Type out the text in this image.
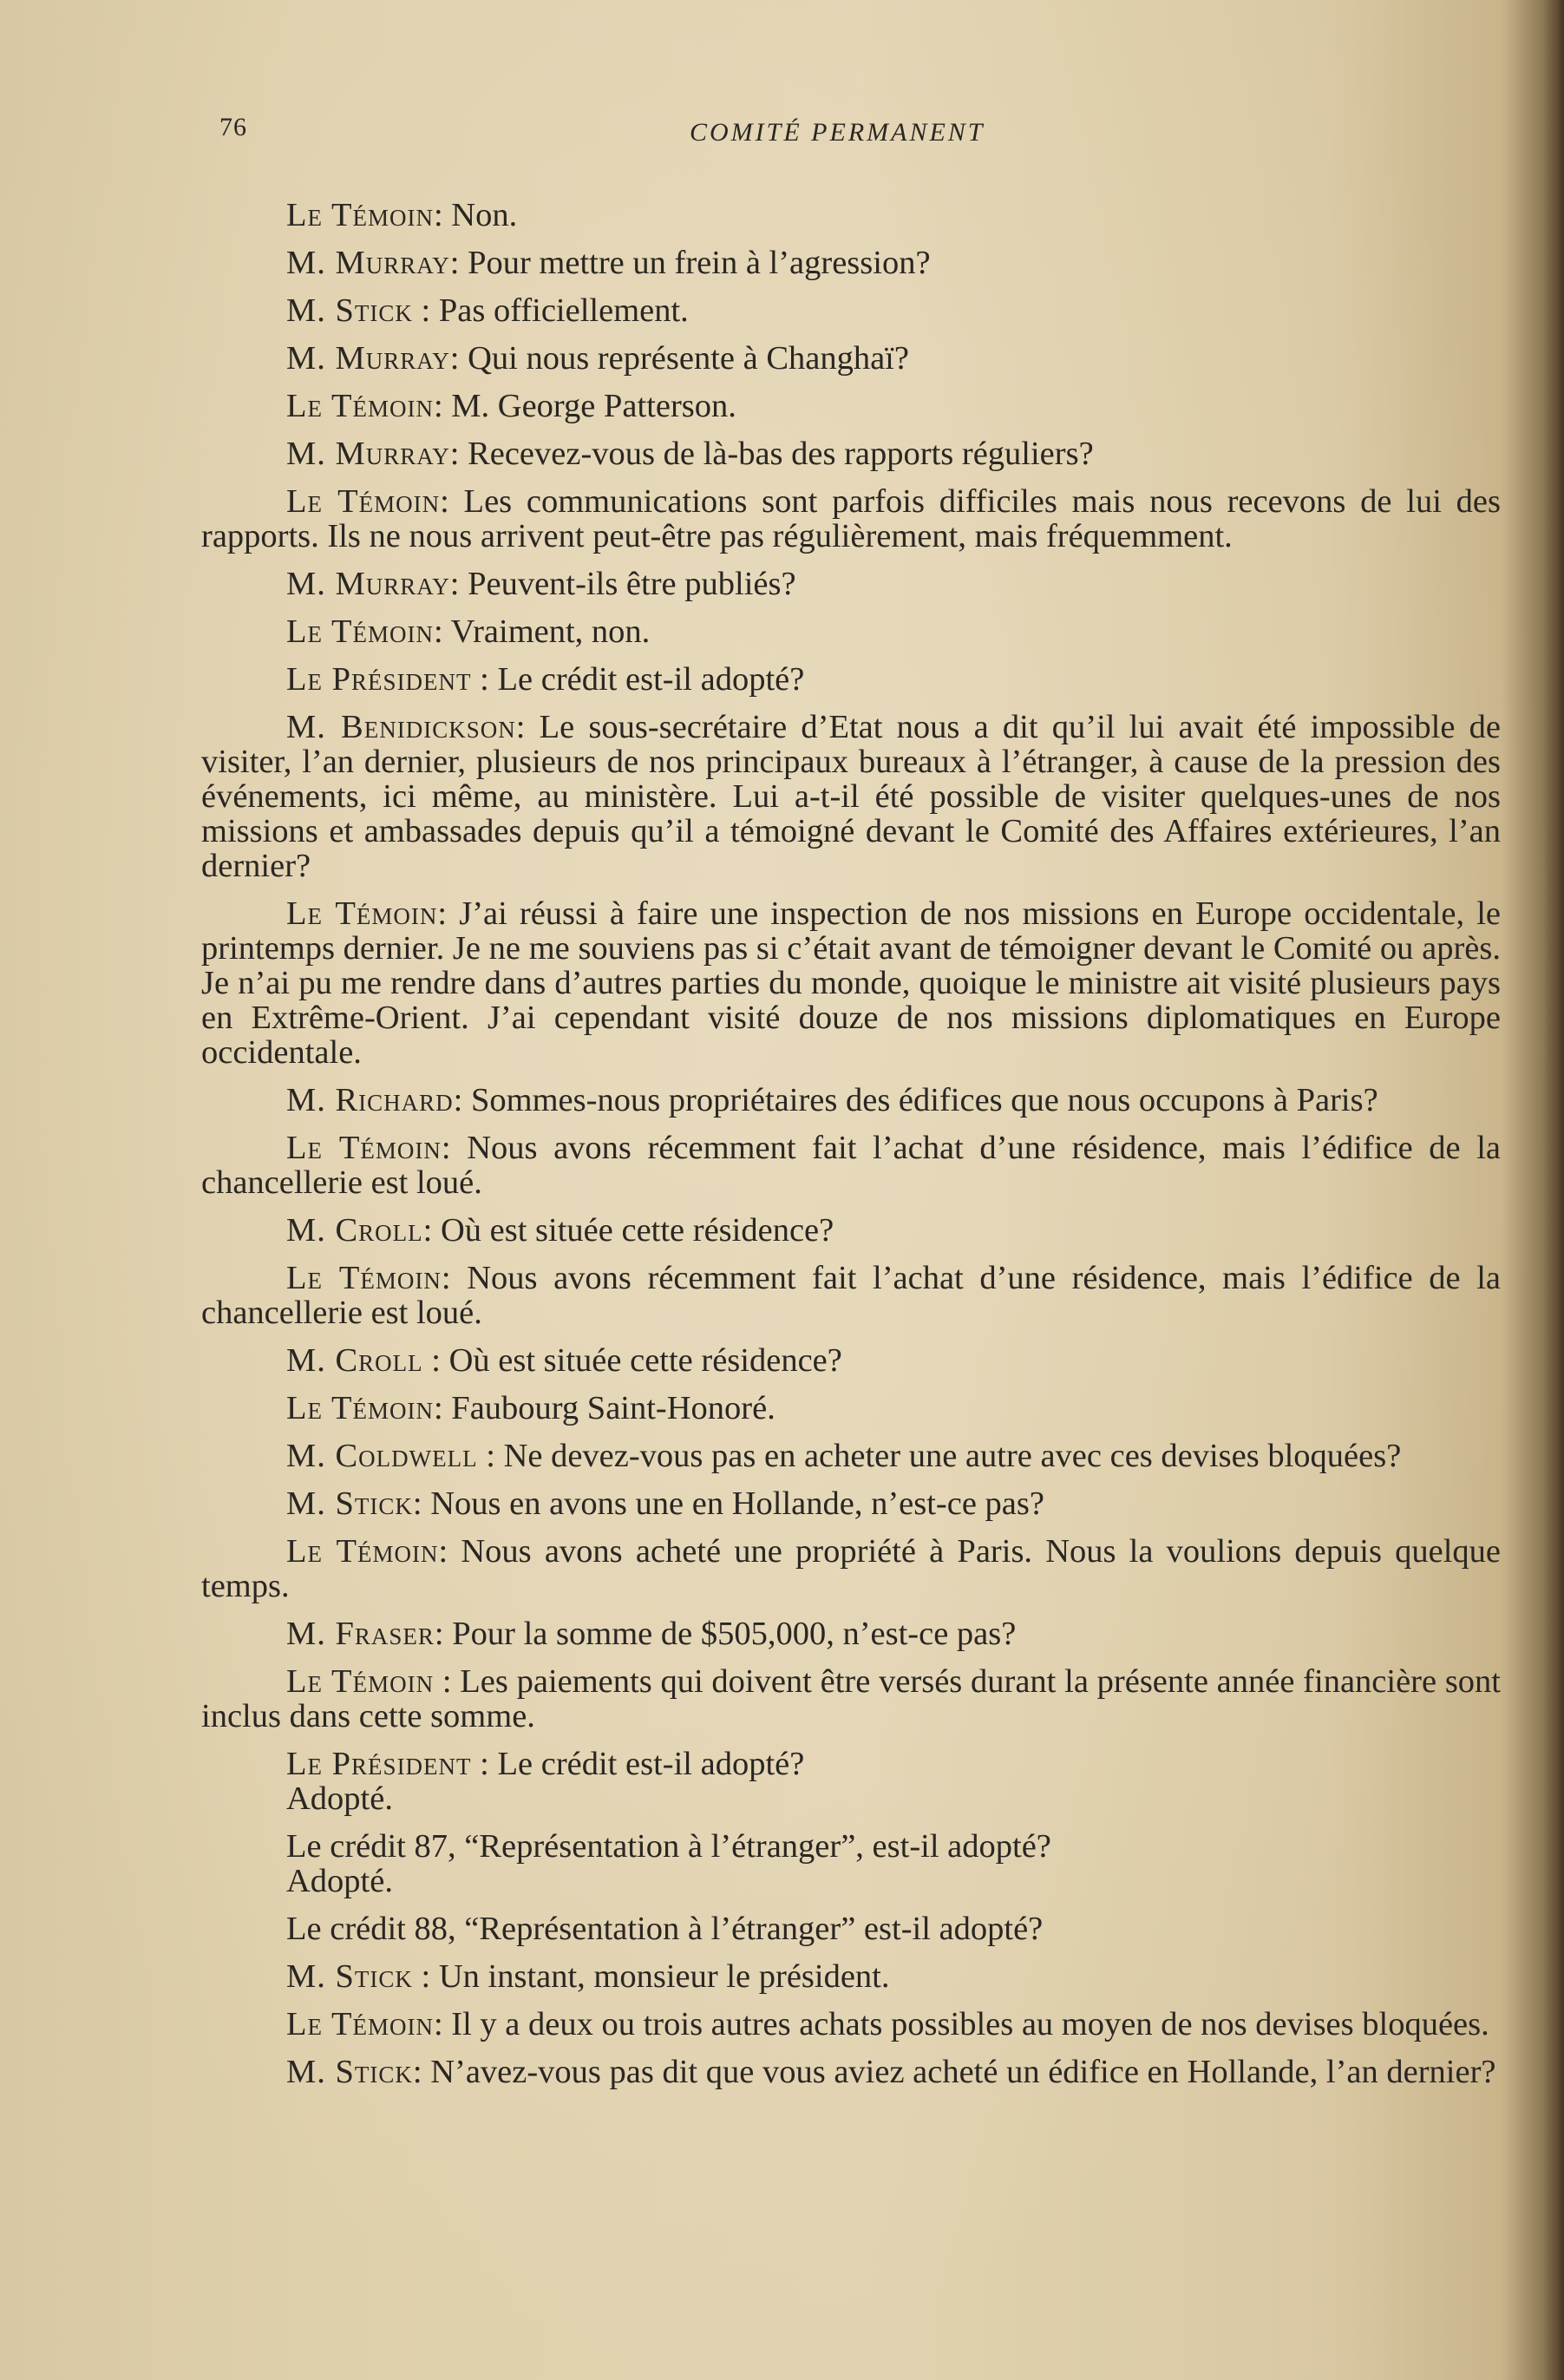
76	COMITÉ PERMANENT

Le Témoin: Non.

M. Murray: Pour mettre un frein à l’agression?

M. Stick : Pas officiellement.

M. Murray: Qui nous représente à Changhaï?

Le Témoin: M. George Patterson.

M. Murray: Recevez-vous de là-bas des rapports réguliers?

Le Témoin: Les communications sont parfois difficiles mais nous recevons de lui des rapports. Ils ne nous arrivent peut-être pas régulièrement, mais fréquemment.

M. Murray: Peuvent-ils être publiés?

Le Témoin: Vraiment, non.

Le Président : Le crédit est-il adopté?

M. Benidickson: Le sous-secrétaire d’Etat nous a dit qu’il lui avait été impossible de visiter, l’an dernier, plusieurs de nos principaux bureaux à l’étranger, à cause de la pression des événements, ici même, au ministère. Lui a-t-il été possible de visiter quelques-unes de nos missions et ambassades depuis qu’il a témoigné devant le Comité des Affaires extérieures, l’an dernier?

Le Témoin: J’ai réussi à faire une inspection de nos missions en Europe occidentale, le printemps dernier. Je ne me souviens pas si c’était avant de témoigner devant le Comité ou après. Je n’ai pu me rendre dans d’autres parties du monde, quoique le ministre ait visité plusieurs pays en Extrême-Orient. J’ai cependant visité douze de nos missions diplomatiques en Europe occidentale.

M. Richard: Sommes-nous propriétaires des édifices que nous occupons à Paris?

Le Témoin: Nous avons récemment fait l’achat d’une résidence, mais l’édifice de la chancellerie est loué.

M. Croll: Où est située cette résidence?

Le Témoin: Nous avons récemment fait l’achat d’une résidence, mais l’édifice de la chancellerie est loué.

M. Croll : Où est située cette résidence?

Le Témoin: Faubourg Saint-Honoré.

M. Coldwell : Ne devez-vous pas en acheter une autre avec ces devises bloquées?

M. Stick: Nous en avons une en Hollande, n’est-ce pas?

Le Témoin: Nous avons acheté une propriété à Paris. Nous la voulions depuis quelque temps.

M. Fraser: Pour la somme de $505,000, n’est-ce pas?

Le Témoin : Les paiements qui doivent être versés durant la présente année financière sont inclus dans cette somme.

Le Président : Le crédit est-il adopté?
Adopté.

Le crédit 87, “Représentation à l’étranger”, est-il adopté?
Adopté.

Le crédit 88, “Représentation à l’étranger” est-il adopté?

M. Stick : Un instant, monsieur le président.

Le Témoin: Il y a deux ou trois autres achats possibles au moyen de nos devises bloquées.

M. Stick: N’avez-vous pas dit que vous aviez acheté un édifice en Hollande, l’an dernier?
